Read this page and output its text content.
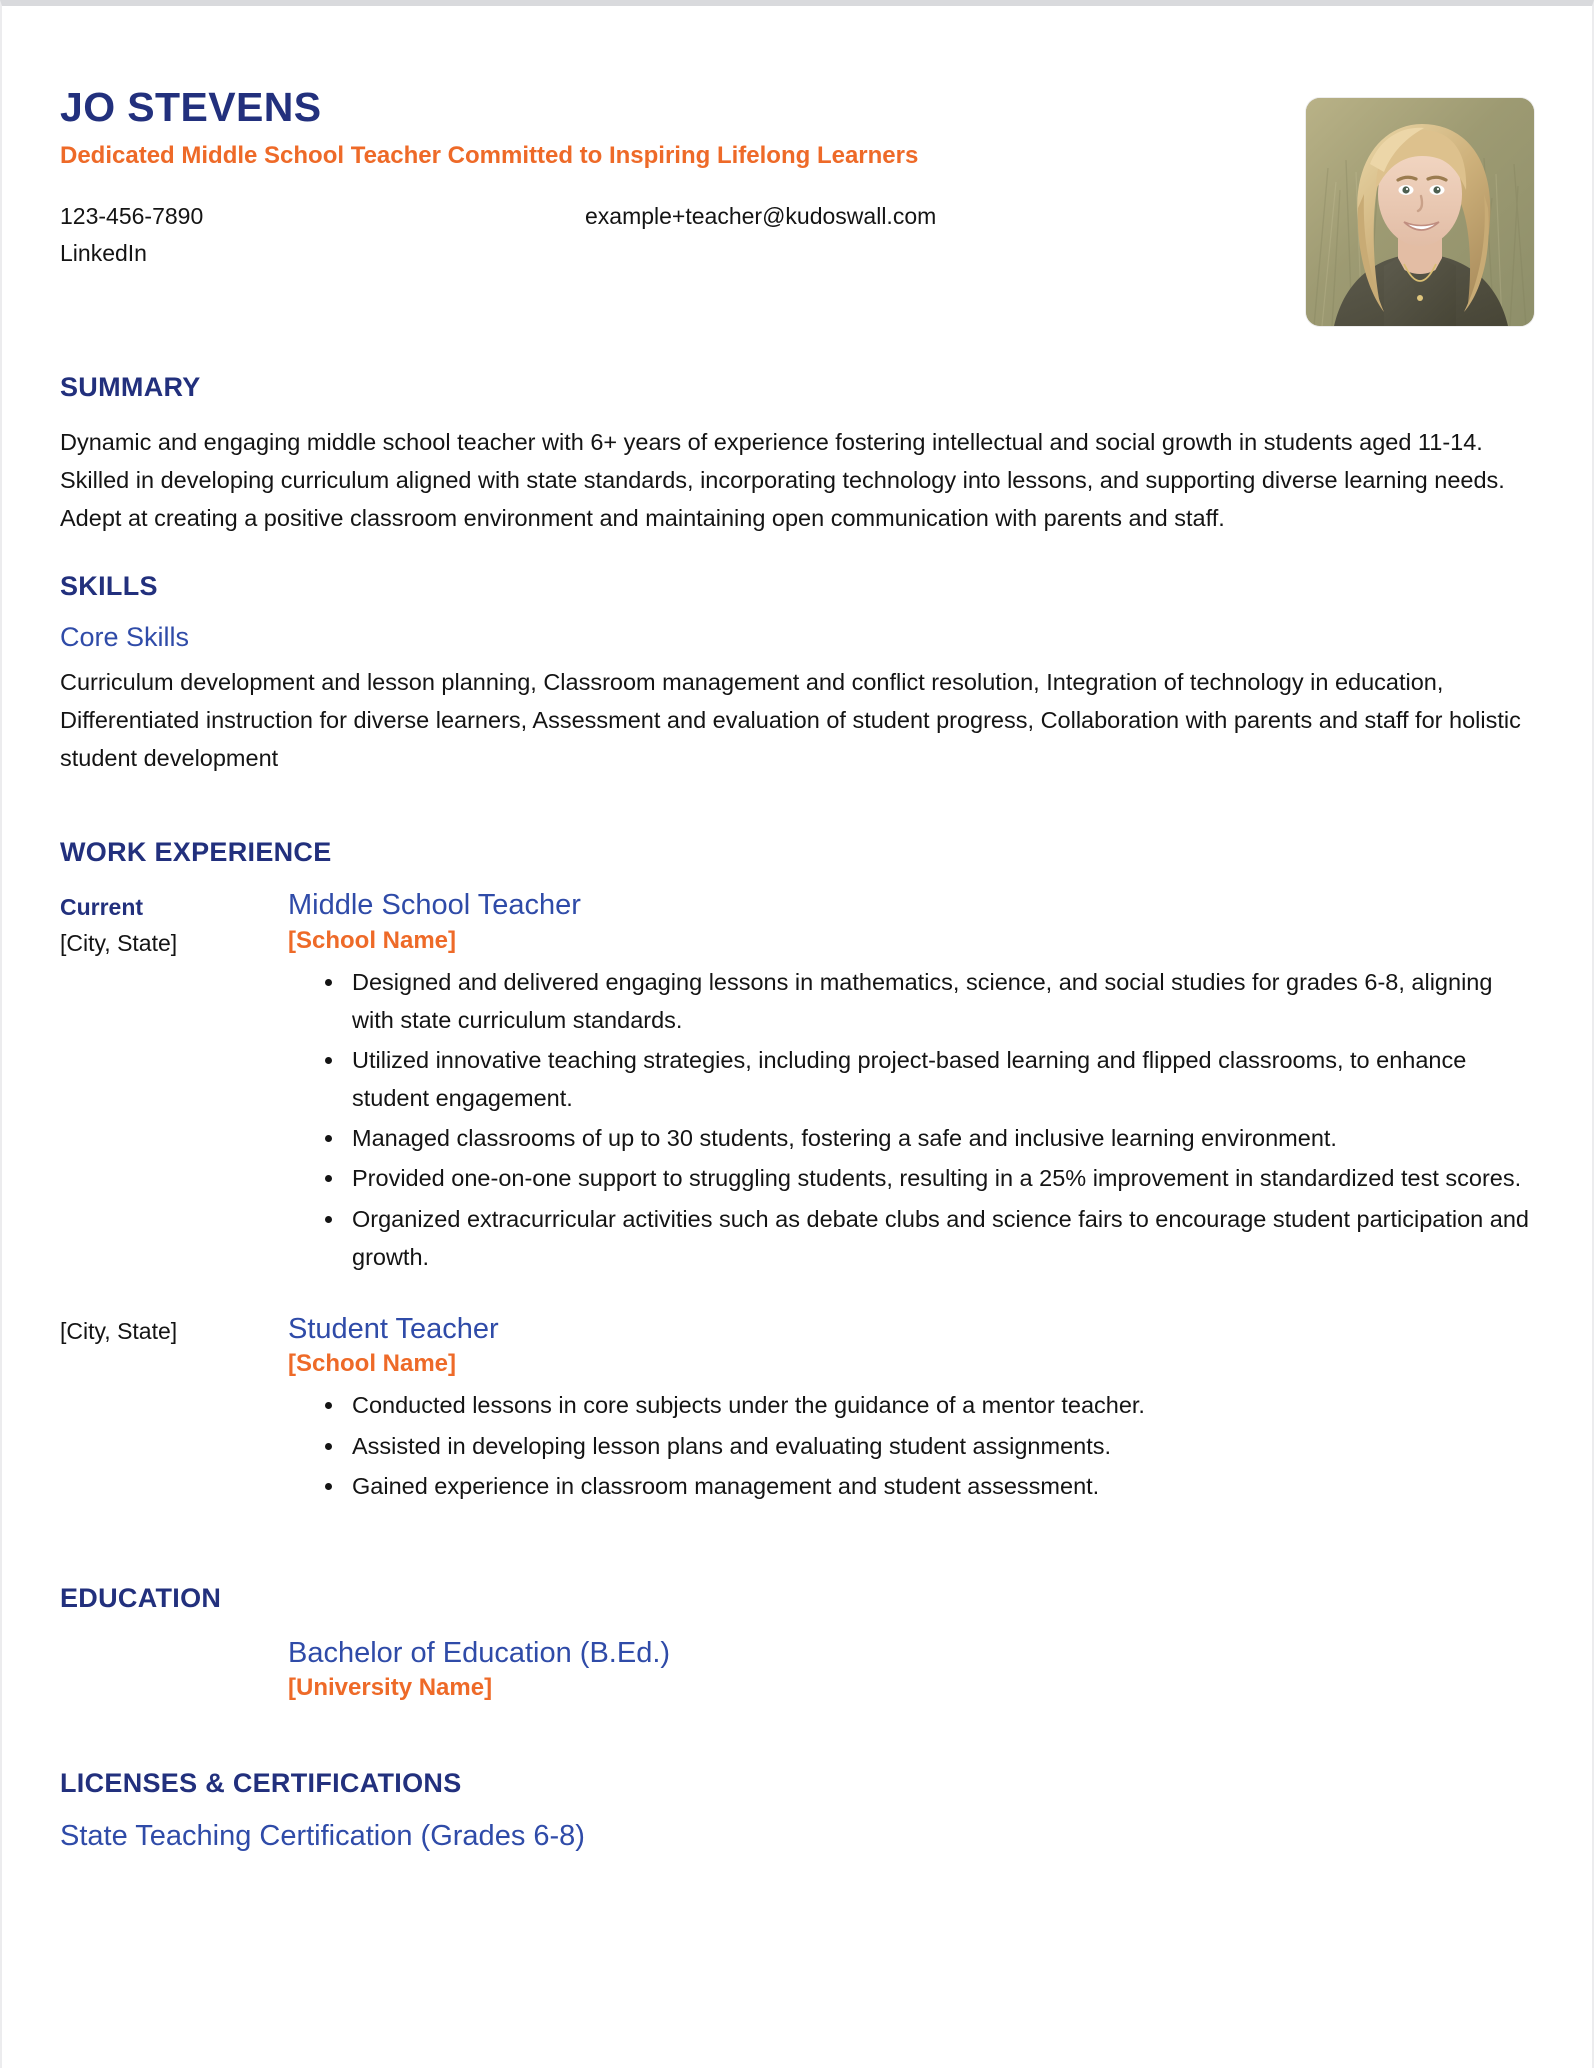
JO STEVENS
Dedicated Middle School Teacher Committed to Inspiring Lifelong Learners
123-456-7890	example+teacher@kudoswall.com
LinkedIn
SUMMARY

Dynamic and engaging middle school teacher with 6+ years of experience fostering intellectual and social growth in students aged 11-14. Skilled in developing curriculum aligned with state standards, incorporating technology into lessons, and supporting diverse learning needs. Adept at creating a positive classroom environment and maintaining open communication with parents and staff.

SKILLS
Core Skills

Curriculum development and lesson planning, Classroom management and conflict resolution, Integration of technology in education, Differentiated instruction for diverse learners, Assessment and evaluation of student progress, Collaboration with parents and staff for holistic student development

WORK EXPERIENCE
Current
[City, State]
Middle School Teacher
[School Name]
• Designed and delivered engaging lessons in mathematics, science, and social studies for grades 6-8, aligning with state curriculum standards.
• Utilized innovative teaching strategies, including project-based learning and flipped classrooms, to enhance student engagement.
• Managed classrooms of up to 30 students, fostering a safe and inclusive learning environment.
• Provided one-on-one support to struggling students, resulting in a 25% improvement in standardized test scores.
• Organized extracurricular activities such as debate clubs and science fairs to encourage student participation and growth.
[City, State]	Student Teacher
[School Name]
• Conducted lessons in core subjects under the guidance of a mentor teacher.
• Assisted in developing lesson plans and evaluating student assignments.
• Gained experience in classroom management and student assessment.
EDUCATION
Bachelor of Education (B.Ed.)
[University Name]
LICENSES & CERTIFICATIONS
State Teaching Certification (Grades 6-8)
